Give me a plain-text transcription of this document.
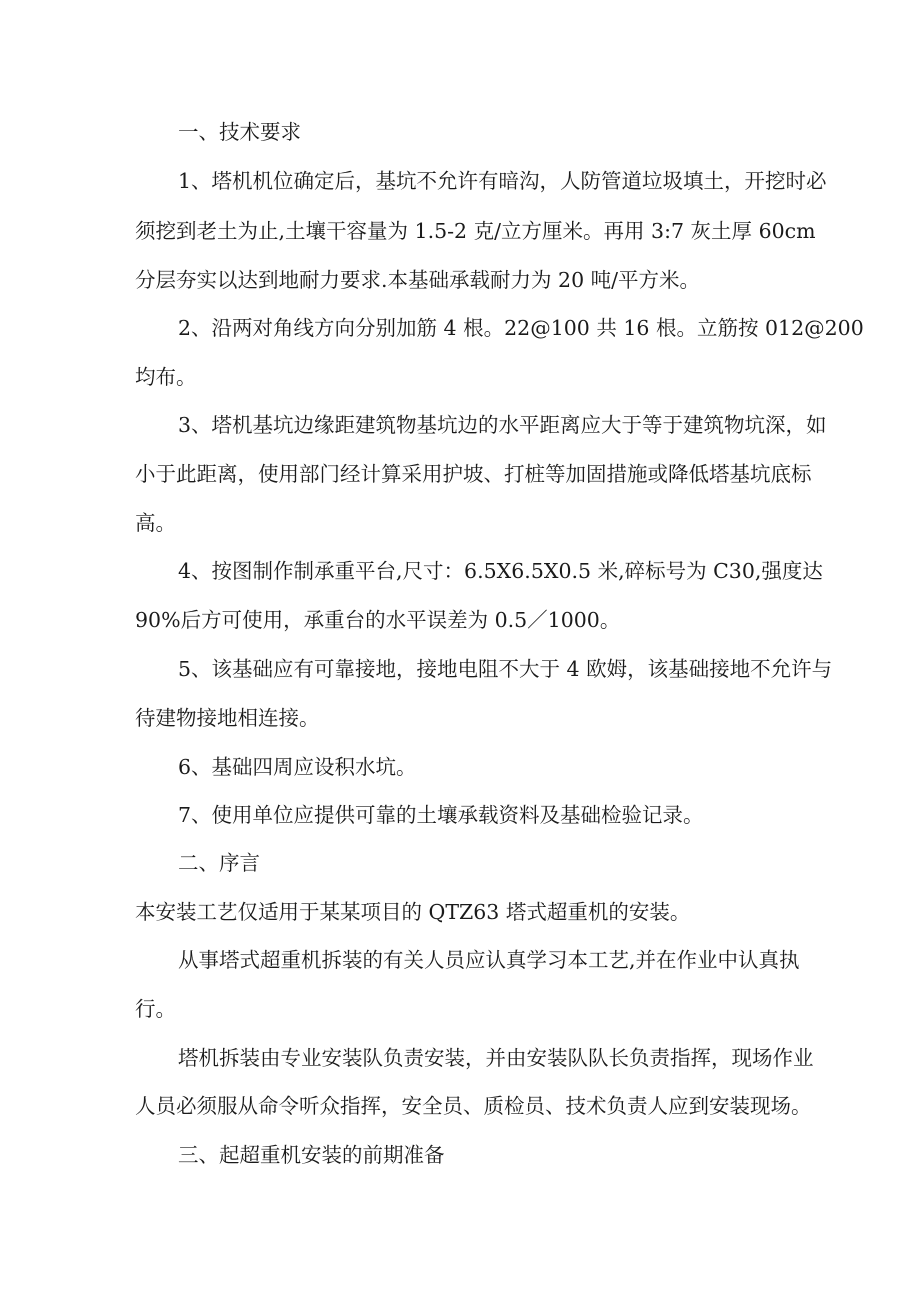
一、技术要求
1、塔机机位确定后，基坑不允许有暗沟，人防管道垃圾填土，开挖时必
须挖到老土为止,土壤干容量为 1.5-2 克/立方厘米。再用 3:7 灰土厚 60cm
分层夯实以达到地耐力要求.本基础承载耐力为 20 吨/平方米。
2、沿两对角线方向分别加筋 4 根。22@100 共 16 根。立筋按 012@200
均布。
3、塔机基坑边缘距建筑物基坑边的水平距离应大于等于建筑物坑深，如
小于此距离，使用部门经计算采用护坡、打桩等加固措施或降低塔基坑底标
高。
4、按图制作制承重平台,尺寸：6.5X6.5X0.5 米,碎标号为 C30,强度达
90%后方可使用，承重台的水平误差为 0.5／1000。
5、该基础应有可靠接地，接地电阻不大于 4 欧姆，该基础接地不允许与
待建物接地相连接。
6、基础四周应设积水坑。
7、使用单位应提供可靠的土壤承载资料及基础检验记录。
二、序言
本安装工艺仅适用于某某项目的 QTZ63 塔式超重机的安装。
从事塔式超重机拆装的有关人员应认真学习本工艺,并在作业中认真执
行。
塔机拆装由专业安装队负责安装，并由安装队队长负责指挥，现场作业
人员必须服从命令听众指挥，安全员、质检员、技术负责人应到安装现场。
三、起超重机安装的前期准备
